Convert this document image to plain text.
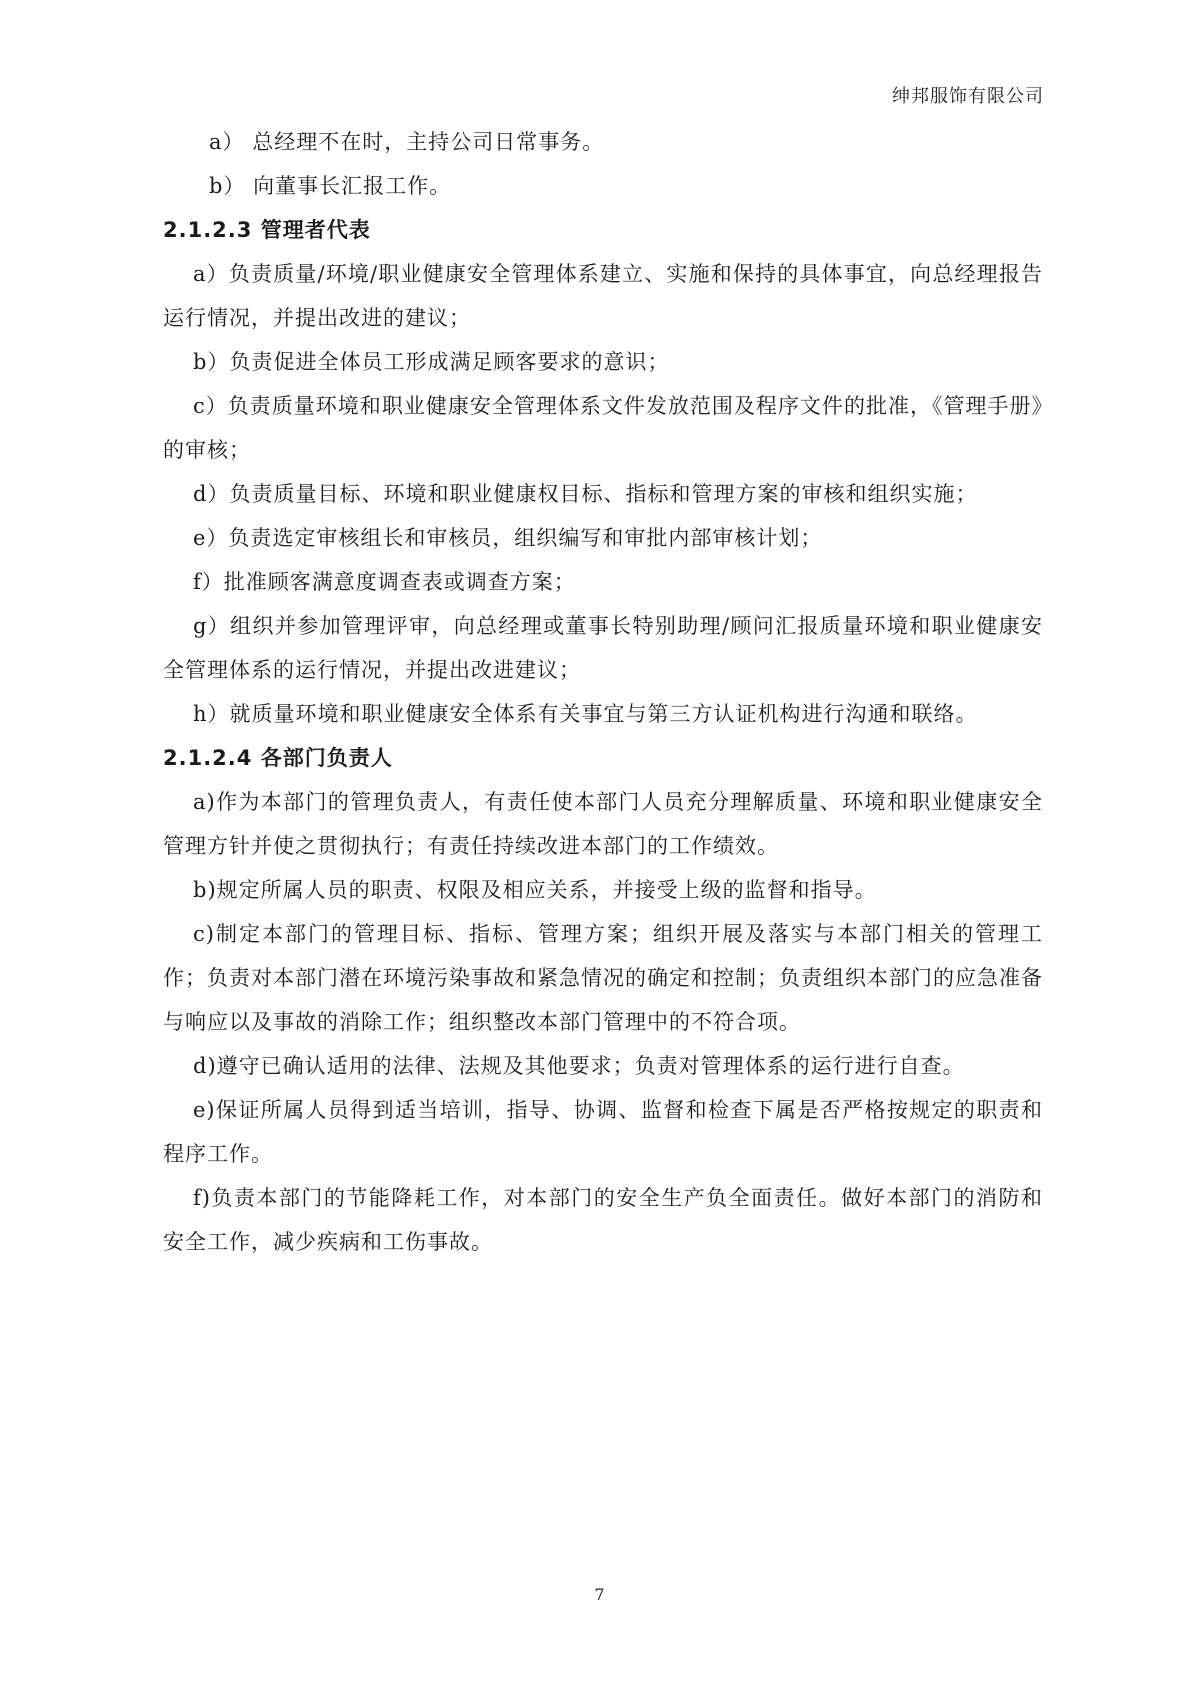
绅邦服饰有限公司

a） 总经理不在时，主持公司日常事务。

b） 向董事长汇报工作。

2.1.2.3 管理者代表

a）负责质量/环境/职业健康安全管理体系建立、实施和保持的具体事宜，向总经理报告运行情况，并提出改进的建议；

b）负责促进全体员工形成满足顾客要求的意识；

c）负责质量环境和职业健康安全管理体系文件发放范围及程序文件的批准，《管理手册》的审核；

d）负责质量目标、环境和职业健康权目标、指标和管理方案的审核和组织实施；

e）负责选定审核组长和审核员，组织编写和审批内部审核计划；

f）批准顾客满意度调查表或调查方案；

g）组织并参加管理评审，向总经理或董事长特别助理/顾问汇报质量环境和职业健康安全管理体系的运行情况，并提出改进建议；

h）就质量环境和职业健康安全体系有关事宜与第三方认证机构进行沟通和联络。

2.1.2.4 各部门负责人

a)作为本部门的管理负责人，有责任使本部门人员充分理解质量、环境和职业健康安全管理方针并使之贯彻执行；有责任持续改进本部门的工作绩效。

b)规定所属人员的职责、权限及相应关系，并接受上级的监督和指导。

c)制定本部门的管理目标、指标、管理方案；组织开展及落实与本部门相关的管理工作；负责对本部门潜在环境污染事故和紧急情况的确定和控制；负责组织本部门的应急准备与响应以及事故的消除工作；组织整改本部门管理中的不符合项。

d)遵守已确认适用的法律、法规及其他要求；负责对管理体系的运行进行自查。

e)保证所属人员得到适当培训，指导、协调、监督和检查下属是否严格按规定的职责和程序工作。

f)负责本部门的节能降耗工作，对本部门的安全生产负全面责任。做好本部门的消防和安全工作，减少疾病和工伤事故。

7
